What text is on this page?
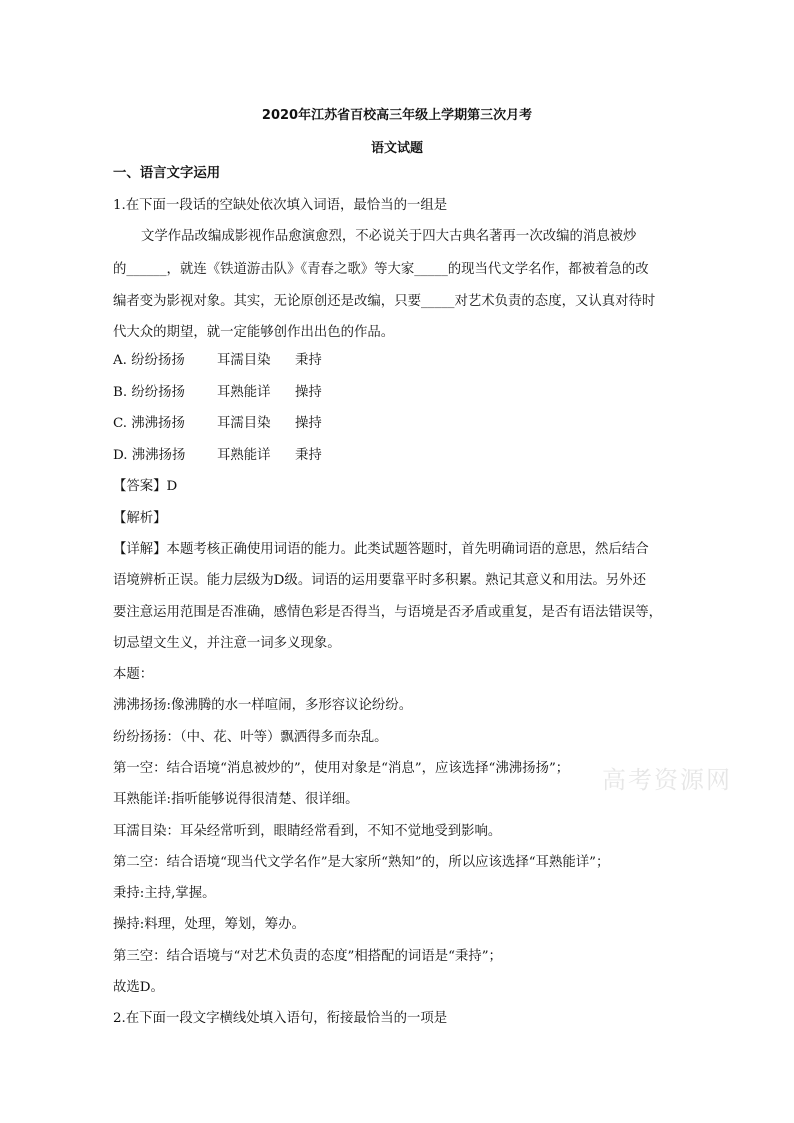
2020年江苏省百校高三年级上学期第三次月考
语文试题
一、语言文字运用
1.在下面一段话的空缺处依次填入词语，最恰当的一组是
文学作品改编成影视作品愈演愈烈，不必说关于四大古典名著再一次改编的消息被炒
的______，就连《铁道游击队》《青春之歌》等大家_____的现当代文学名作，都被着急的改
编者变为影视对象。其实，无论原创还是改编，只要_____对艺术负责的态度，又认真对待时
代大众的期望，就一定能够创作出出色的作品。
A. 纷纷扬扬 耳濡目染 秉持
B. 纷纷扬扬 耳熟能详 操持
C. 沸沸扬扬 耳濡目染 操持
D. 沸沸扬扬 耳熟能详 秉持
【答案】D
【解析】
【详解】本题考核正确使用词语的能力。此类试题答题时，首先明确词语的意思，然后结合
语境辨析正误。能力层级为D级。词语的运用要靠平时多积累。熟记其意义和用法。另外还
要注意运用范围是否准确，感情色彩是否得当，与语境是否矛盾或重复，是否有语法错误等，
切忌望文生义，并注意一词多义现象。
本题：
沸沸扬扬:像沸腾的水一样喧闹，多形容议论纷纷。
纷纷扬扬：（中、花、叶等）飘洒得多而杂乱。
第一空：结合语境“消息被炒的”，使用对象是“消息”，应该选择“沸沸扬扬”；
耳熟能详:指听能够说得很清楚、很详细。
耳濡目染：耳朵经常听到，眼睛经常看到，不知不觉地受到影响。
第二空：结合语境“现当代文学名作”是大家所“熟知”的，所以应该选择“耳熟能详”；
秉持:主持,掌握。
操持:料理，处理，筹划，筹办。
第三空：结合语境与“对艺术负责的态度”相搭配的词语是“秉持”；
故选D。
2.在下面一段文字横线处填入语句，衔接最恰当的一项是
高考资源网
